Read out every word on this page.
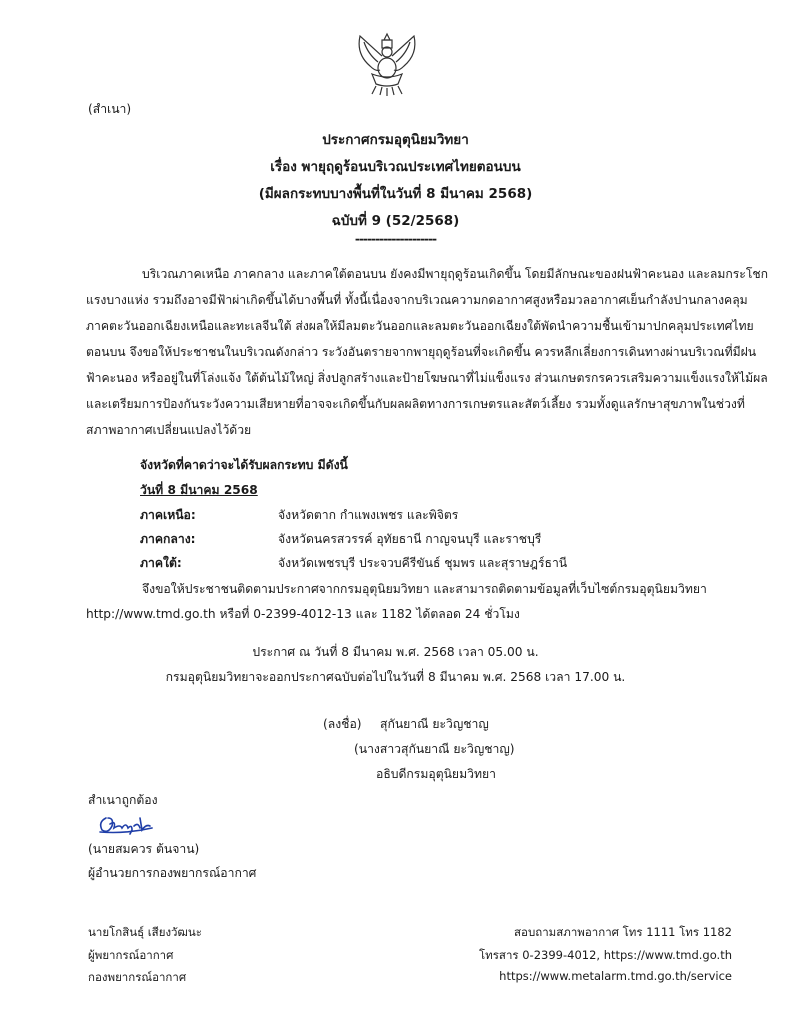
(สำเนา)
ประกาศกรมอุตุนิยมวิทยา
เรื่อง พายุฤดูร้อนบริเวณประเทศไทยตอนบน
(มีผลกระทบบางพื้นที่ในวันที่ 8 มีนาคม 2568)
ฉบับที่ 9 (52/2568)
--------------------
บริเวณภาคเหนือ ภาคกลาง และภาคใต้ตอนบน ยังคงมีพายุฤดูร้อนเกิดขึ้น โดยมีลักษณะของฝนฟ้าคะนอง และลมกระโชก
แรงบางแห่ง รวมถึงอาจมีฟ้าผ่าเกิดขึ้นได้บางพื้นที่ ทั้งนี้เนื่องจากบริเวณความกดอากาศสูงหรือมวลอากาศเย็นกำลังปานกลางคลุม
ภาคตะวันออกเฉียงเหนือและทะเลจีนใต้ ส่งผลให้มีลมตะวันออกและลมตะวันออกเฉียงใต้พัดนำความชื้นเข้ามาปกคลุมประเทศไทย
ตอนบน จึงขอให้ประชาชนในบริเวณดังกล่าว ระวังอันตรายจากพายุฤดูร้อนที่จะเกิดขึ้น ควรหลีกเลี่ยงการเดินทางผ่านบริเวณที่มีฝน
ฟ้าคะนอง หรืออยู่ในที่โล่งแจ้ง ใต้ต้นไม้ใหญ่ สิ่งปลูกสร้างและป้ายโฆษณาที่ไม่แข็งแรง ส่วนเกษตรกรควรเสริมความแข็งแรงให้ไม้ผล
และเตรียมการป้องกันระวังความเสียหายที่อาจจะเกิดขึ้นกับผลผลิตทางการเกษตรและสัตว์เลี้ยง รวมทั้งดูแลรักษาสุขภาพในช่วงที่
สภาพอากาศเปลี่ยนแปลงไว้ด้วย
จังหวัดที่คาดว่าจะได้รับผลกระทบ มีดังนี้
วันที่ 8 มีนาคม 2568
ภาคเหนือ:	จังหวัดตาก กำแพงเพชร และพิจิตร
ภาคกลาง:	จังหวัดนครสวรรค์ อุทัยธานี กาญจนบุรี และราชบุรี
ภาคใต้:	จังหวัดเพชรบุรี ประจวบคีรีขันธ์ ชุมพร และสุราษฎร์ธานี
จึงขอให้ประชาชนติดตามประกาศจากกรมอุตุนิยมวิทยา และสามารถติดตามข้อมูลที่เว็บไซต์กรมอุตุนิยมวิทยา
http://www.tmd.go.th หรือที่ 0-2399-4012-13 และ 1182 ได้ตลอด 24 ชั่วโมง
ประกาศ ณ วันที่ 8 มีนาคม พ.ศ. 2568 เวลา 05.00 น.
กรมอุตุนิยมวิทยาจะออกประกาศฉบับต่อไปในวันที่ 8 มีนาคม พ.ศ. 2568 เวลา 17.00 น.
(ลงชื่อ) สุกันยาณี ยะวิญชาญ
(นางสาวสุกันยาณี ยะวิญชาญ)
อธิบดีกรมอุตุนิยมวิทยา
สำเนาถูกต้อง
(นายสมควร ต้นจาน)
ผู้อำนวยการกองพยากรณ์อากาศ
นายโกสินธุ์ เสียงวัฒนะ
ผู้พยากรณ์อากาศ
กองพยากรณ์อากาศ
สอบถามสภาพอากาศ โทร 1111 โทร 1182
โทรสาร 0-2399-4012, https://www.tmd.go.th
https://www.metalarm.tmd.go.th/service
